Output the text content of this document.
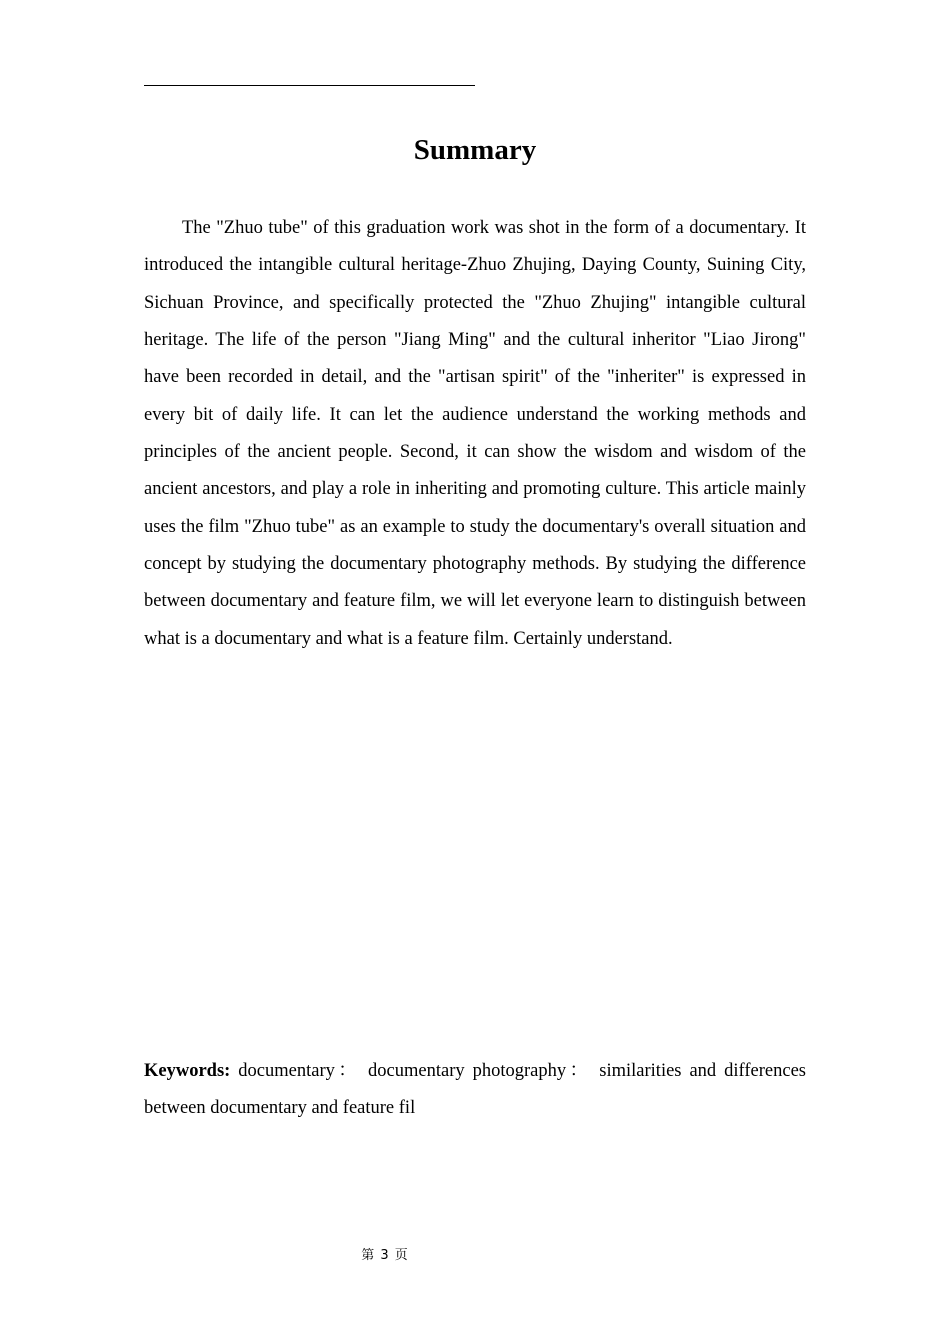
Summary

The "Zhuo tube" of this graduation work was shot in the form of a documentary. It introduced the intangible cultural heritage-Zhuo Zhujing, Daying County, Suining City, Sichuan Province, and specifically protected the "Zhuo Zhujing" intangible cultural heritage. The life of the person "Jiang Ming" and the cultural inheritor "Liao Jirong" have been recorded in detail, and the "artisan spirit" of the "inheriter" is expressed in every bit of daily life. It can let the audience understand the working methods and principles of the ancient people. Second, it can show the wisdom and wisdom of the ancient ancestors, and play a role in inheriting and promoting culture. This article mainly uses the film "Zhuo tube" as an example to study the documentary's overall situation and concept by studying the documentary photography methods. By studying the difference between documentary and feature film, we will let everyone learn to distinguish between what is a documentary and what is a feature film. Certainly understand.

Keywords: documentary： documentary photography： similarities and differences between documentary and feature fil

第 3 页
